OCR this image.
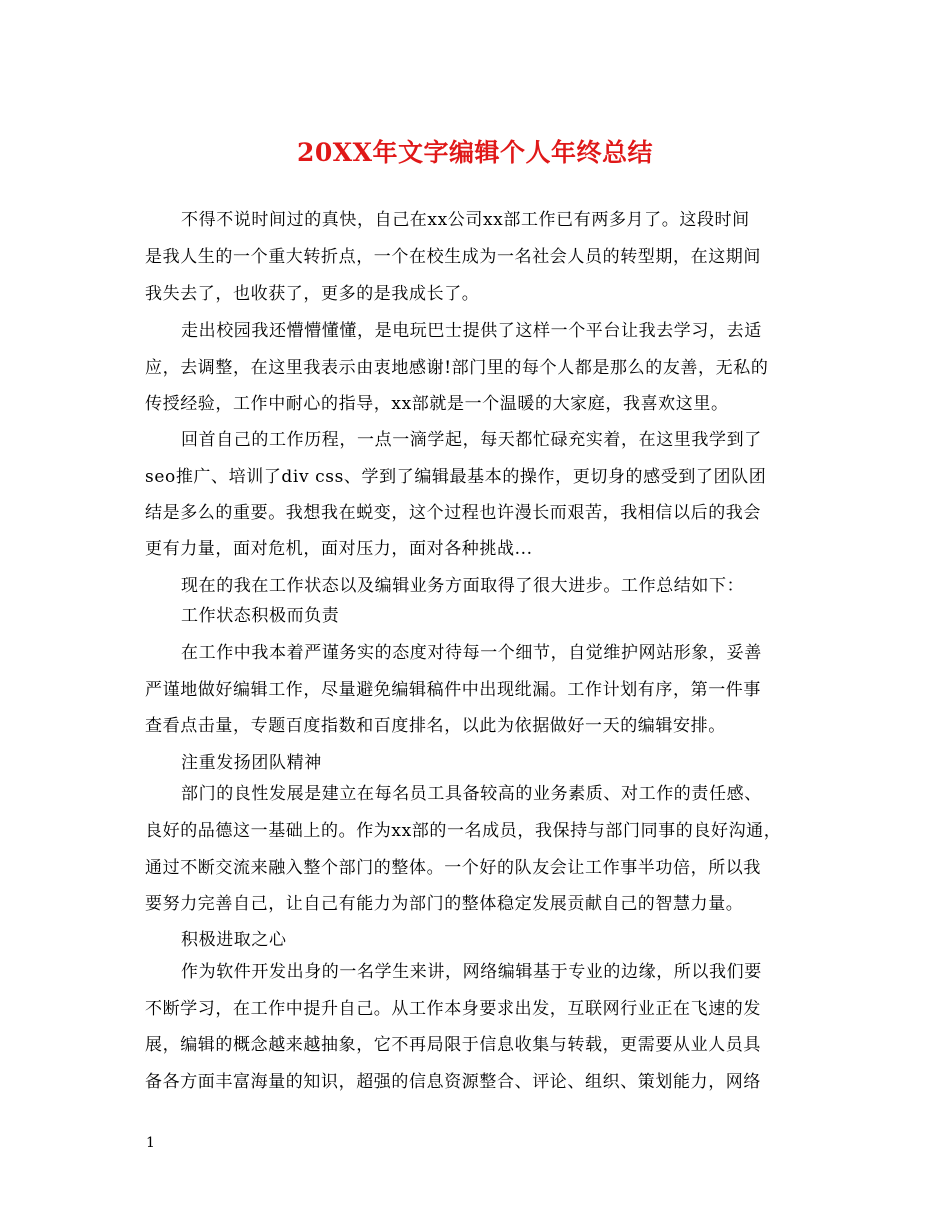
20XX年文字编辑个人年终总结
不得不说时间过的真快，自己在xx公司xx部工作已有两多月了。这段时间
是我人生的一个重大转折点，一个在校生成为一名社会人员的转型期，在这期间
我失去了，也收获了，更多的是我成长了。
走出校园我还懵懵懂懂，是电玩巴士提供了这样一个平台让我去学习，去适
应，去调整，在这里我表示由衷地感谢!部门里的每个人都是那么的友善，无私的
传授经验，工作中耐心的指导，xx部就是一个温暖的大家庭，我喜欢这里。
回首自己的工作历程，一点一滴学起，每天都忙碌充实着，在这里我学到了
seo推广、培训了div css、学到了编辑最基本的操作，更切身的感受到了团队团
结是多么的重要。我想我在蜕变，这个过程也许漫长而艰苦，我相信以后的我会
更有力量，面对危机，面对压力，面对各种挑战...
现在的我在工作状态以及编辑业务方面取得了很大进步。工作总结如下：
工作状态积极而负责
在工作中我本着严谨务实的态度对待每一个细节，自觉维护网站形象，妥善
严谨地做好编辑工作，尽量避免编辑稿件中出现纰漏。工作计划有序，第一件事
查看点击量，专题百度指数和百度排名，以此为依据做好一天的编辑安排。
注重发扬团队精神
部门的良性发展是建立在每名员工具备较高的业务素质、对工作的责任感、
良好的品德这一基础上的。作为xx部的一名成员，我保持与部门同事的良好沟通，
通过不断交流来融入整个部门的整体。一个好的队友会让工作事半功倍，所以我
要努力完善自己，让自己有能力为部门的整体稳定发展贡献自己的智慧力量。
积极进取之心
作为软件开发出身的一名学生来讲，网络编辑基于专业的边缘，所以我们要
不断学习，在工作中提升自己。从工作本身要求出发，互联网行业正在飞速的发
展，编辑的概念越来越抽象，它不再局限于信息收集与转载，更需要从业人员具
备各方面丰富海量的知识，超强的信息资源整合、评论、组织、策划能力，网络
1
